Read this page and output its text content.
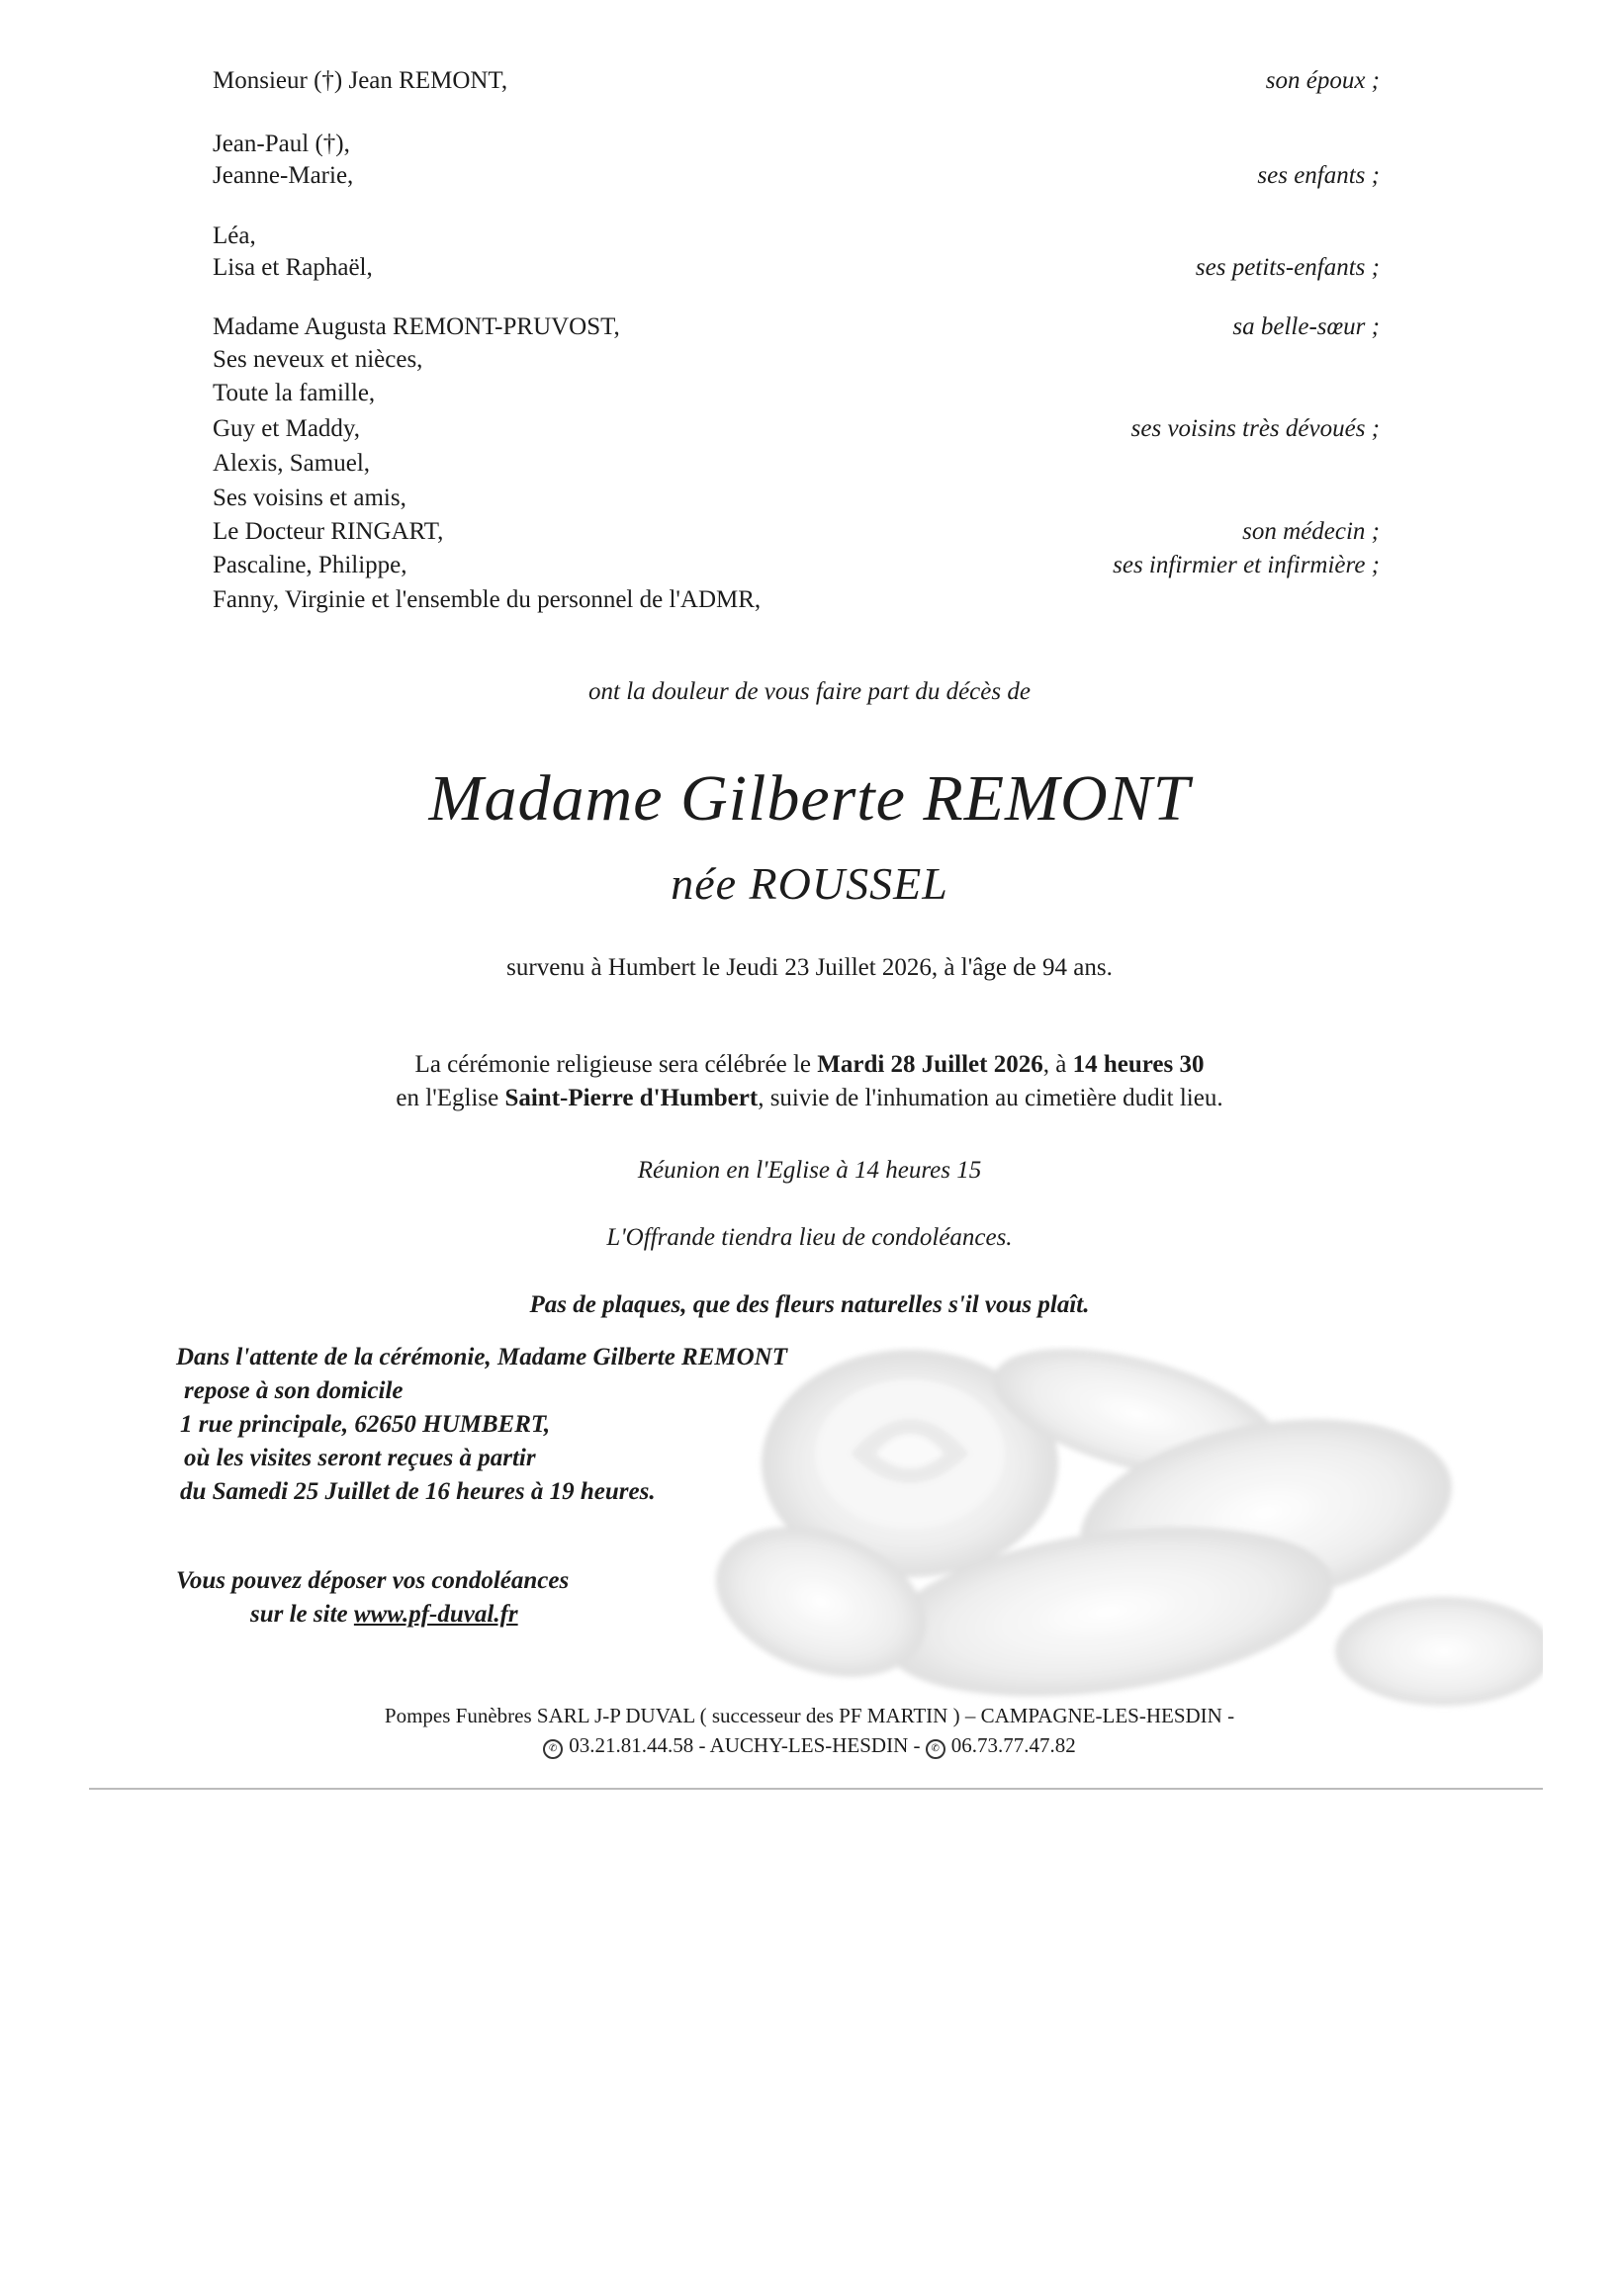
Monsieur (†) Jean REMONT,	son époux ;
Jean-Paul (†),
Jeanne-Marie,	ses enfants ;
Léa,
Lisa et Raphaël,	ses petits-enfants ;
Madame Augusta REMONT-PRUVOST,	sa belle-sœur ;
Ses neveux et nièces,
Toute la famille,
Guy et Maddy,	ses voisins très dévoués ;
Alexis, Samuel,
Ses voisins et amis,
Le Docteur RINGART,	son médecin ;
Pascaline, Philippe,	ses infirmier et infirmière ;
Fanny, Virginie et l'ensemble du personnel de l'ADMR,
ont la douleur de vous faire part du décès de
Madame Gilberte REMONT
née ROUSSEL
survenu à Humbert le Jeudi 23 Juillet 2026, à l'âge de 94 ans.
La cérémonie religieuse sera célébrée le Mardi 28 Juillet 2026, à 14 heures 30
en l'Eglise Saint-Pierre d'Humbert, suivie de l'inhumation au cimetière dudit lieu.
Réunion en l'Eglise à 14 heures 15
L'Offrande tiendra lieu de condoléances.
Pas de plaques, que des fleurs naturelles s'il vous plaît.
Dans l'attente de la cérémonie, Madame Gilberte REMONT
repose à son domicile
1 rue principale, 62650 HUMBERT,
où les visites seront reçues à partir
du Samedi 25 Juillet de 16 heures à 19 heures.
Vous pouvez déposer vos condoléances
sur le site www.pf-duval.fr
Pompes Funèbres SARL J-P DUVAL ( successeur des PF MARTIN ) – CAMPAGNE-LES-HESDIN -
✆ 03.21.81.44.58 - AUCHY-LES-HESDIN - ✆ 06.73.77.47.82
